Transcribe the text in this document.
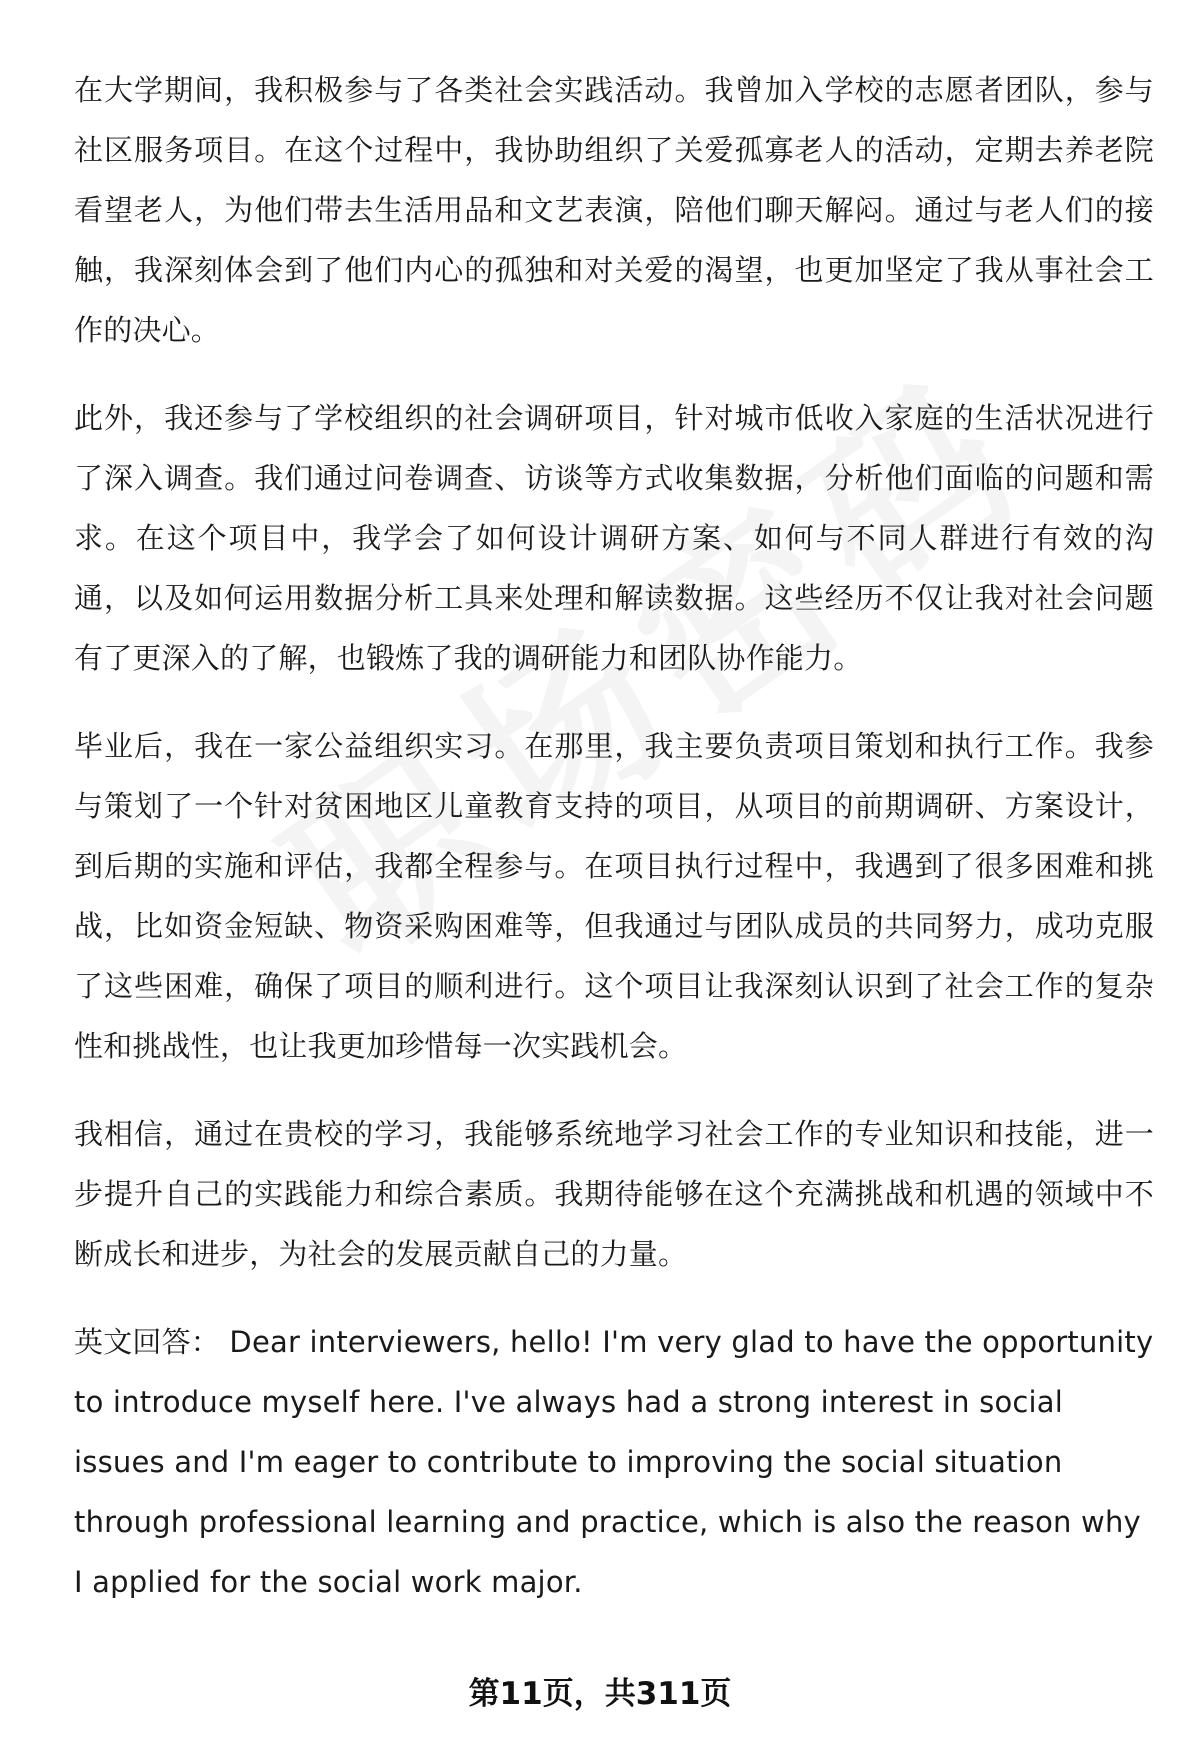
在大学期间，我积极参与了各类社会实践活动。我曾加入学校的志愿者团队，参与社区服务项目。在这个过程中，我协助组织了关爱孤寡老人的活动，定期去养老院看望老人，为他们带去生活用品和文艺表演，陪他们聊天解闷。通过与老人们的接触，我深刻体会到了他们内心的孤独和对关爱的渴望，也更加坚定了我从事社会工作的决心。

此外，我还参与了学校组织的社会调研项目，针对城市低收入家庭的生活状况进行了深入调查。我们通过问卷调查、访谈等方式收集数据，分析他们面临的问题和需求。在这个项目中，我学会了如何设计调研方案、如何与不同人群进行有效的沟通，以及如何运用数据分析工具来处理和解读数据。这些经历不仅让我对社会问题有了更深入的了解，也锻炼了我的调研能力和团队协作能力。

毕业后，我在一家公益组织实习。在那里，我主要负责项目策划和执行工作。我参与策划了一个针对贫困地区儿童教育支持的项目，从项目的前期调研、方案设计，到后期的实施和评估，我都全程参与。在项目执行过程中，我遇到了很多困难和挑战，比如资金短缺、物资采购困难等，但我通过与团队成员的共同努力，成功克服了这些困难，确保了项目的顺利进行。这个项目让我深刻认识到了社会工作的复杂性和挑战性，也让我更加珍惜每一次实践机会。

我相信，通过在贵校的学习，我能够系统地学习社会工作的专业知识和技能，进一步提升自己的实践能力和综合素质。我期待能够在这个充满挑战和机遇的领域中不断成长和进步，为社会的发展贡献自己的力量。

英文回答： Dear interviewers, hello! I'm very glad to have the opportunity to introduce myself here. I've always had a strong interest in social issues and I'm eager to contribute to improving the social situation through professional learning and practice, which is also the reason why I applied for the social work major.

第11页，共311页
